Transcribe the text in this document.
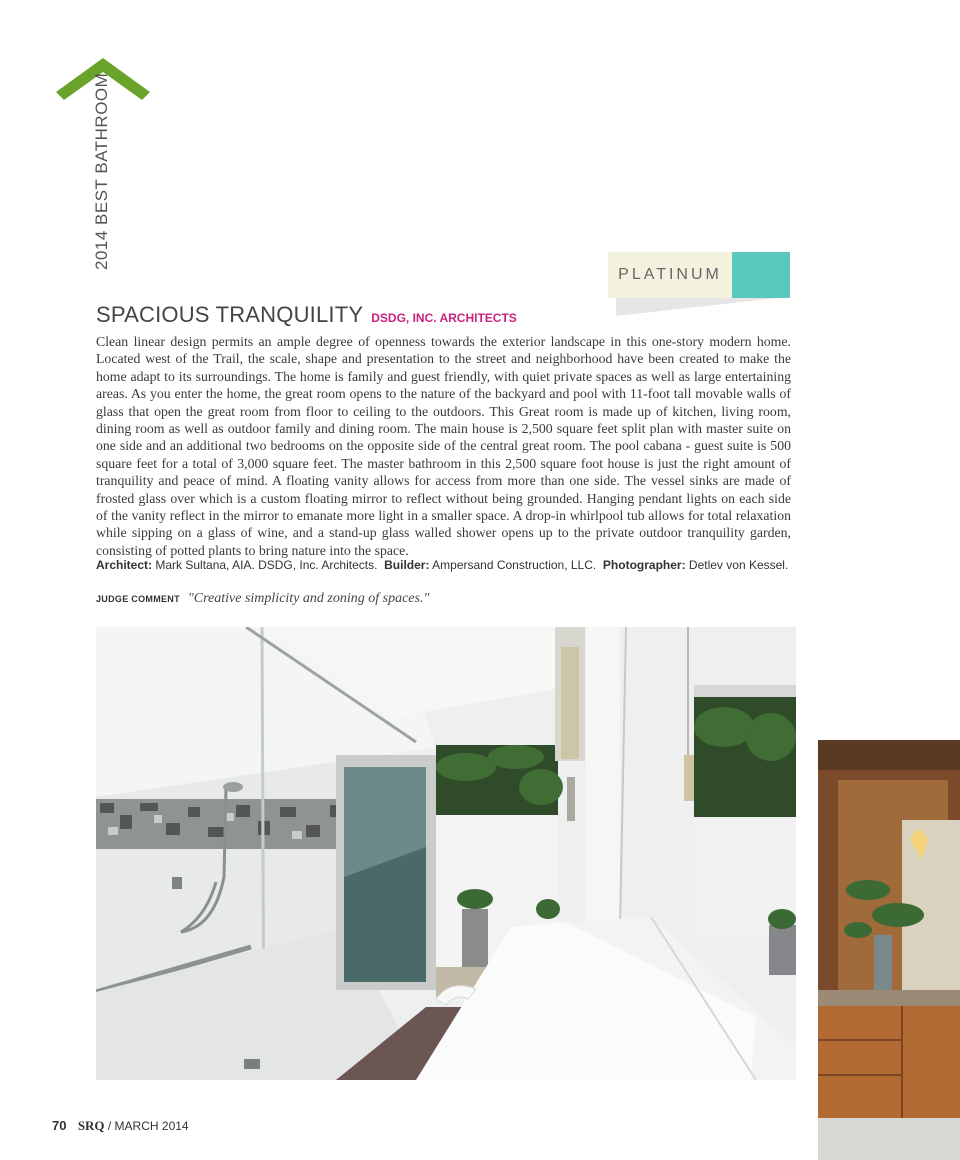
2014 BEST BATHROOM
PLATINUM
SPACIOUS TRANQUILITY DSDG, INC. ARCHITECTS
Clean linear design permits an ample degree of openness towards the exterior landscape in this one-story modern home. Located west of the Trail, the scale, shape and presentation to the street and neighborhood have been created to make the home adapt to its surroundings. The home is family and guest friendly, with quiet private spaces as well as large entertaining areas. As you enter the home, the great room opens to the nature of the backyard and pool with 11-foot tall movable walls of glass that open the great room from floor to ceiling to the outdoors. This Great room is made up of kitchen, living room, dining room as well as outdoor family and dining room. The main house is 2,500 square feet split plan with master suite on one side and an additional two bedrooms on the opposite side of the central great room. The pool cabana - guest suite is 500 square feet for a total of 3,000 square feet. The master bathroom in this 2,500 square foot house is just the right amount of tranquility and peace of mind. A floating vanity allows for access from more than one side. The vessel sinks are made of frosted glass over which is a custom floating mirror to reflect without being grounded. Hanging pendant lights on each side of the vanity reflect in the mirror to emanate more light in a smaller space. A drop-in whirlpool tub allows for total relaxation while sipping on a glass of wine, and a stand-up glass walled shower opens up to the private outdoor tranquility garden, consisting of potted plants to bring nature into the space.
Architect: Mark Sultana, AIA. DSDG, Inc. Architects. Builder: Ampersand Construction, LLC. Photographer: Detlev von Kessel.
JUDGE COMMENT "Creative simplicity and zoning of spaces."
70 SRQ / MARCH 2014
